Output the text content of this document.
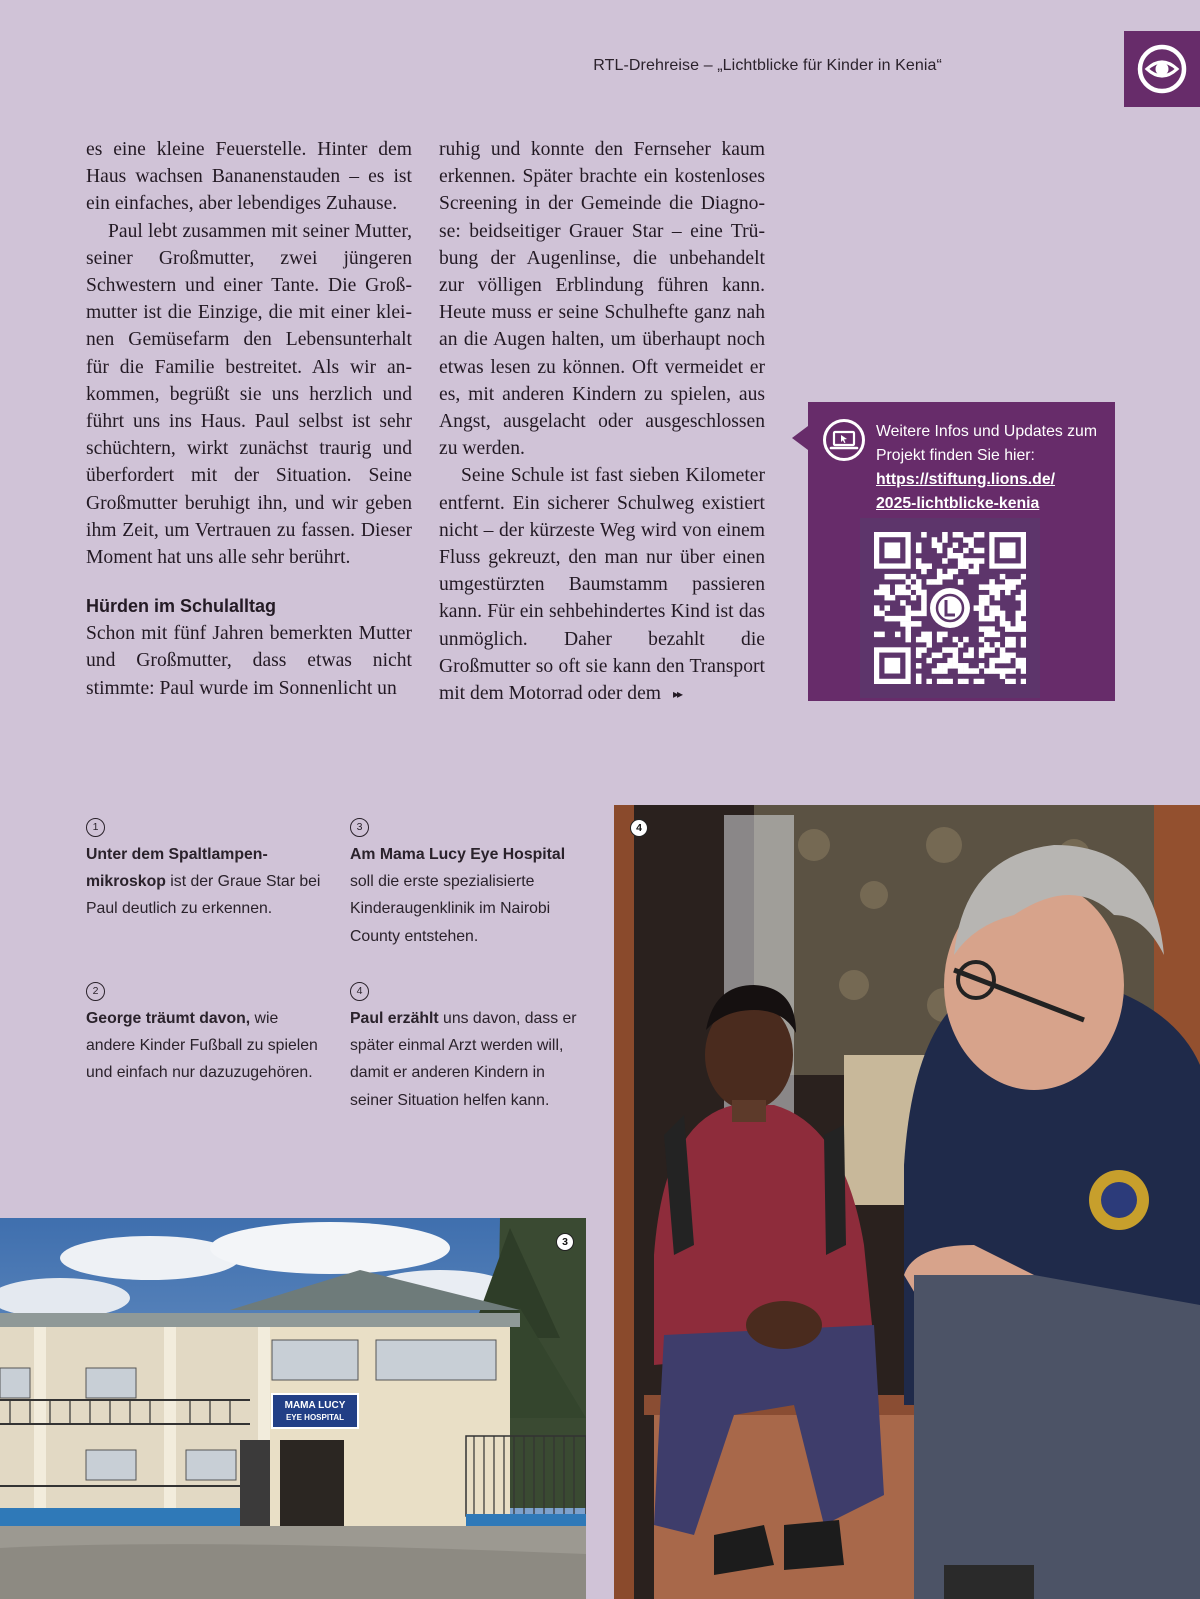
RTL-Drehreise – „Lichtblicke für Kinder in Kenia“

es eine kleine Feuerstelle. Hinter dem Haus wachsen Bananenstauden – es ist ein einfaches, aber lebendiges Zuhause.

Paul lebt zusammen mit seiner Mutter, seiner Großmutter, zwei jüngeren Schwestern und einer Tante. Die Großmutter ist die Einzige, die mit einer kleinen Gemüsefarm den Lebensunterhalt für die Familie bestreitet. Als wir ankommen, begrüßt sie uns herzlich und führt uns ins Haus. Paul selbst ist sehr schüchtern, wirkt zunächst traurig und überfordert mit der Situation. Seine Großmutter beruhigt ihn, und wir geben ihm Zeit, um Vertrauen zu fassen. Dieser Moment hat uns alle sehr berührt.

Hürden im Schulalltag

Schon mit fünf Jahren bemerkten Mutter und Großmutter, dass etwas nicht stimmte: Paul wurde im Sonnenlicht un

ruhig und konnte den Fernseher kaum erkennen. Später brachte ein kostenloses Screening in der Gemeinde die Diagnose: beidseitiger Grauer Star – eine Trübung der Augenlinse, die unbehandelt zur völligen Erblindung führen kann. Heute muss er seine Schulhefte ganz nah an die Augen halten, um überhaupt noch etwas lesen zu können. Oft vermeidet er es, mit anderen Kindern zu spielen, aus Angst, ausgelacht oder ausgeschlossen zu werden.

Seine Schule ist fast sieben Kilometer entfernt. Ein sicherer Schulweg existiert nicht – der kürzeste Weg wird von einem Fluss gekreuzt, den man nur über einen umgestürzten Baumstamm passieren kann. Für ein sehbehindertes Kind ist das unmöglich. Daher bezahlt die Großmutter so oft sie kann den Transport mit dem Motorrad oder dem ▸▸

Weitere Infos und Updates zum Projekt finden Sie hier:
https://stiftung.lions.de/
2025-lichtblicke-kenia
1
Unter dem Spaltlampenmikroskop ist der Graue Star bei Paul deutlich zu erkennen.
2
George träumt davon, wie andere Kinder Fußball zu spielen und einfach nur dazuzugehören.
3
Am Mama Lucy Eye Hospital soll die erste spezialisierte Kinderaugenklinik im Nairobi County entstehen.
4
Paul erzählt uns davon, dass er später einmal Arzt werden will, damit er anderen Kindern in seiner Situation helfen kann.
MAMA LUCY
EYE HOSPITAL
3
4
